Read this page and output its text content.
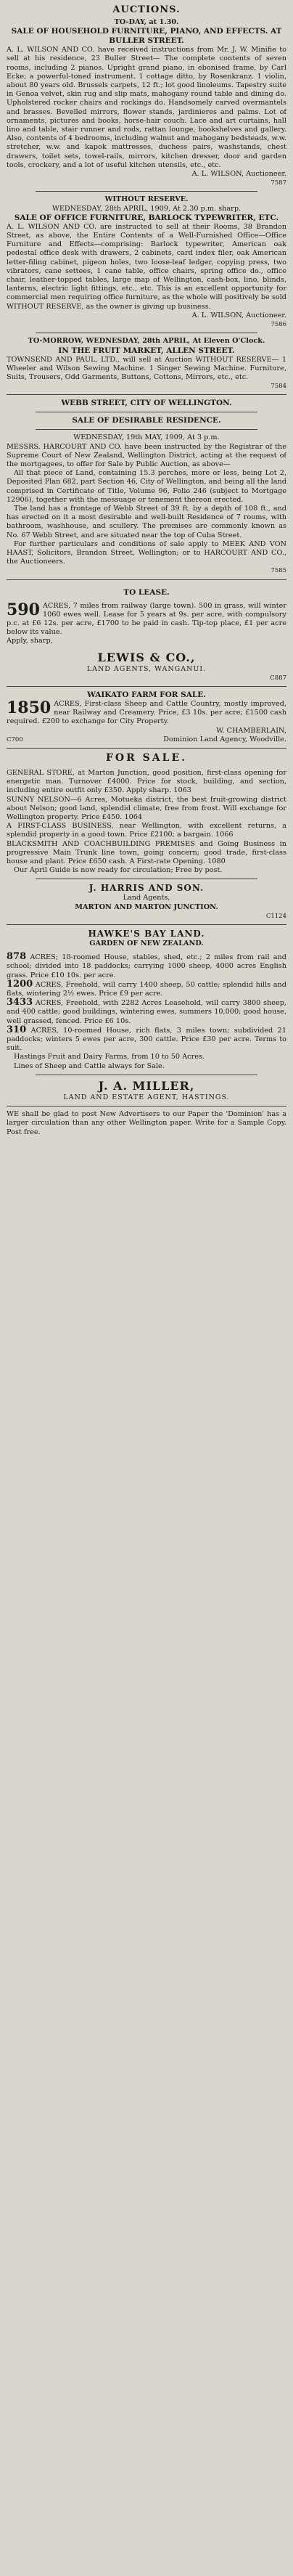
AUCTIONS.
TO-DAY, at 1.30.
SALE OF HOUSEHOLD FURNITURE, PIANO, AND EFFECTS. AT BULLER STREET.

A. L. WILSON AND CO. have received instructions from Mr. J. W. Minifie to sell at his residence, 23 Buller Street— The complete contents of seven rooms, including 2 pianos. Upright grand piano, in ebonised frame, by Carl Ecke; a powerful-toned instrument. 1 cottage ditto, by Rosenkranz. 1 violin, about 80 years old. Brussels carpets, 12 ft.; lot good linoleums. Tapestry suite in Genoa velvet, skin rug and slip mats, mahogany round table and dining do. Upholstered rocker chairs and rockings do. Handsomely carved overmantels and brasses. Bevelled mirrors, flower stands, jardinieres and palms. Lot of ornaments, pictures and books, horse-hair couch. Lace and art curtains, hall lino and table, stair runner and rods, rattan lounge, bookshelves and gallery. Also, contents of 4 bedrooms, including walnut and mahogany bedsteads, w.w. stretcher, w.w. and kapok mattresses, duchess pairs, washstands, chest drawers, toilet sets, towel-rails, mirrors, kitchen dresser, door and garden tools, crockery, and a lot of useful kitchen utensils, etc., etc.

A. L. WILSON, Auctioneer.
7587
WITHOUT RESERVE.
WEDNESDAY, 28th APRIL, 1909, At 2.30 p.m. sharp.
SALE OF OFFICE FURNITURE, BARLOCK TYPEWRITER, ETC.

A. L. WILSON AND CO. are instructed to sell at their Rooms, 38 Brandon Street, as above, the Entire Contents of a Well-Furnished Office—Office Furniture and Effects—comprising: Barlock typewriter, American oak pedestal office desk with drawers, 2 cabinets, card index filer, oak American letter-filing cabinet, pigeon holes, two loose-leaf ledger, copying press, two vibrators, cane settees, 1 cane table, office chairs, spring office do., office chair, leather-topped tables, large map of Wellington, cash-box, lino, blinds, lanterns, electric light fittings, etc., etc. This is an excellent opportunity for commercial men requiring office furniture, as the whole will positively be sold WITHOUT RESERVE, as the owner is giving up business.

A. L. WILSON, Auctioneer.
7586
TO-MORROW, WEDNESDAY, 28th APRIL, At Eleven O'Clock.
IN THE FRUIT MARKET, ALLEN STREET.

TOWNSEND AND PAUL, LTD., will sell at Auction WITHOUT RESERVE— 1 Wheeler and Wilson Sewing Machine. 1 Singer Sewing Machine. Furniture, Suits, Trousers, Odd Garments, Buttons, Cottons, Mirrors, etc., etc.

7584
WEBB STREET, CITY OF WELLINGTON.
SALE OF DESIRABLE RESIDENCE.
WEDNESDAY, 19th MAY, 1909, At 3 p.m.

MESSRS. HARCOURT AND CO. have been instructed by the Registrar of the Supreme Court of New Zealand, Wellington District, acting at the request of the mortgagees, to offer for Sale by Public Auction, as above—

All that piece of Land, containing 15.3 perches, more or less, being Lot 2, Deposited Plan 682, part Section 46, City of Wellington, and being all the land comprised in Certificate of Title, Volume 96, Folio 246 (subject to Mortgage 12906), together with the messuage or tenement thereon erected.

The land has a frontage of Webb Street of 39 ft. by a depth of 108 ft., and has erected on it a most desirable and well-built Residence of 7 rooms, with bathroom, washhouse, and scullery. The premises are commonly known as No. 67 Webb Street, and are situated near the top of Cuba Street.

For further particulars and conditions of sale apply to MEEK AND VON HAAST, Solicitors, Brandon Street, Wellington; or to HARCOURT AND CO., the Auctioneers.

7585
TO LEASE.

590 ACRES, 7 miles from railway (large town). 500 in grass, will winter 1060 ewes well. Lease for 5 years at 9s. per acre, with compulsory p.c. at £6 12s. per acre, £1700 to be paid in cash. Tip-top place, £1 per acre below its value.

Apply, sharp,
LEWIS & CO.,
LAND AGENTS, WANGANUI.
C887
WAIKATO FARM FOR SALE.

1850 ACRES, First-class Sheep and Cattle Country, mostly improved, near Railway and Creamery. Price, £3 10s. per acre; £1500 cash required. £200 to exchange for City Property.

W. CHAMBERLAIN,
C700	Dominion Land Agency, Woodville.
FOR SALE.

GENERAL STORE, at Marton Junction, good position, first-class opening for energetic man. Turnover £4000. Price for stock, building, and section, including entire outfit only £350. Apply sharp. 1063

SUNNY NELSON—6 Acres, Motueka district, the best fruit-growing district about Nelson; good land, splendid climate, free from frost. Will exchange for Wellington property. Price £450. 1064

A FIRST-CLASS BUSINESS, near Wellington, with excellent returns, a splendid property in a good town. Price £2100; a bargain. 1066

BLACKSMITH AND COACHBUILDING PREMISES and Going Business in progressive Main Trunk line town, going concern; good trade, first-class house and plant. Price £650 cash. A First-rate Opening. 1080

Our April Guide is now ready for circulation; Free by post.

J. HARRIS AND SON.
Land Agents,
MARTON AND MARTON JUNCTION.
C1124
HAWKE'S BAY LAND.
GARDEN OF NEW ZEALAND.

878 ACRES; 10-roomed House, stables, shed, etc.; 2 miles from rail and school; divided into 18 paddocks; carrying 1000 sheep, 4000 acres English grass. Price £10 10s. per acre.

1200 ACRES, Freehold, will carry 1400 sheep, 50 cattle; splendid hills and flats, wintering 2½ ewes. Price £9 per acre.

3433 ACRES, Freehold, with 2282 Acres Leasehold, will carry 3800 sheep, and 400 cattle; good buildings, wintering ewes, summers 10,000; good house, well grassed, fenced. Price £6 10s.

310 ACRES, 10-roomed House, rich flats, 3 miles town; subdivided 21 paddocks; winters 5 ewes per acre, 300 cattle. Price £30 per acre. Terms to suit.

Hastings Fruit and Dairy Farms, from 10 to 50 Acres.

Lines of Sheep and Cattle always for Sale.

J. A. MILLER,
LAND AND ESTATE AGENT, HASTINGS.

WE shall be glad to post New Advertisers to our Paper the 'Dominion' has a larger circulation than any other Wellington paper. Write for a Sample Copy. Post free.
